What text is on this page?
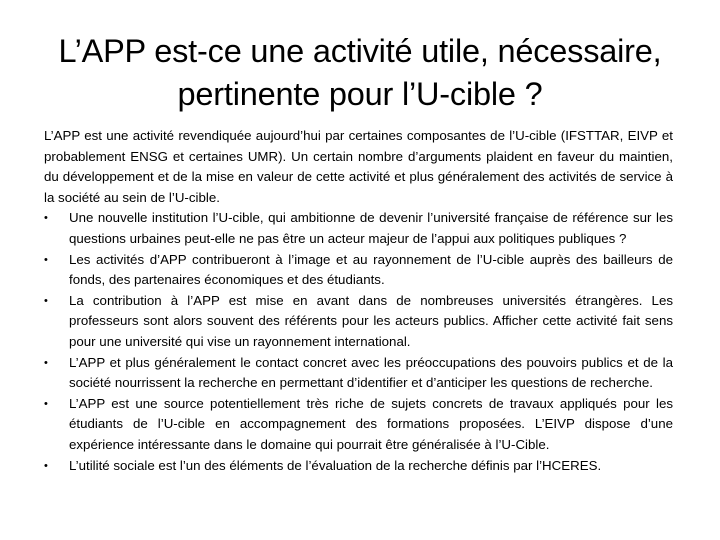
L’APP est-ce une activité utile, nécessaire, pertinente pour l’U-cible ?

L’APP est une activité revendiquée aujourd’hui par certaines composantes de l’U-cible (IFSTTAR, EIVP et probablement ENSG et certaines UMR). Un certain nombre d’arguments plaident en faveur du maintien, du développement et de la mise en valeur de cette activité et plus généralement des activités de service à la société au sein de l’U-cible.

•	Une nouvelle institution l’U-cible, qui ambitionne de devenir l’université française de référence sur les questions urbaines peut-elle ne pas être un acteur majeur de l’appui aux politiques publiques ?
•	Les activités d’APP contribueront à l’image et au rayonnement de l’U-cible auprès des bailleurs de fonds, des partenaires économiques et des étudiants.
•	La contribution à l’APP est mise en avant dans de nombreuses universités étrangères. Les professeurs sont alors souvent des référents pour les acteurs publics. Afficher cette activité fait sens pour une université qui vise un rayonnement international.
•	L’APP et plus généralement le contact concret avec les préoccupations des pouvoirs publics et de la société nourrissent la recherche en permettant d’identifier et d’anticiper les questions de recherche.
•	L’APP est une source potentiellement très riche de sujets concrets de travaux appliqués pour les étudiants de l’U-cible en accompagnement des formations proposées. L’EIVP dispose d’une expérience intéressante dans le domaine qui pourrait être généralisée à l’U-Cible.
•	L’utilité sociale est l’un des éléments de l’évaluation de la recherche définis par l’HCERES.
